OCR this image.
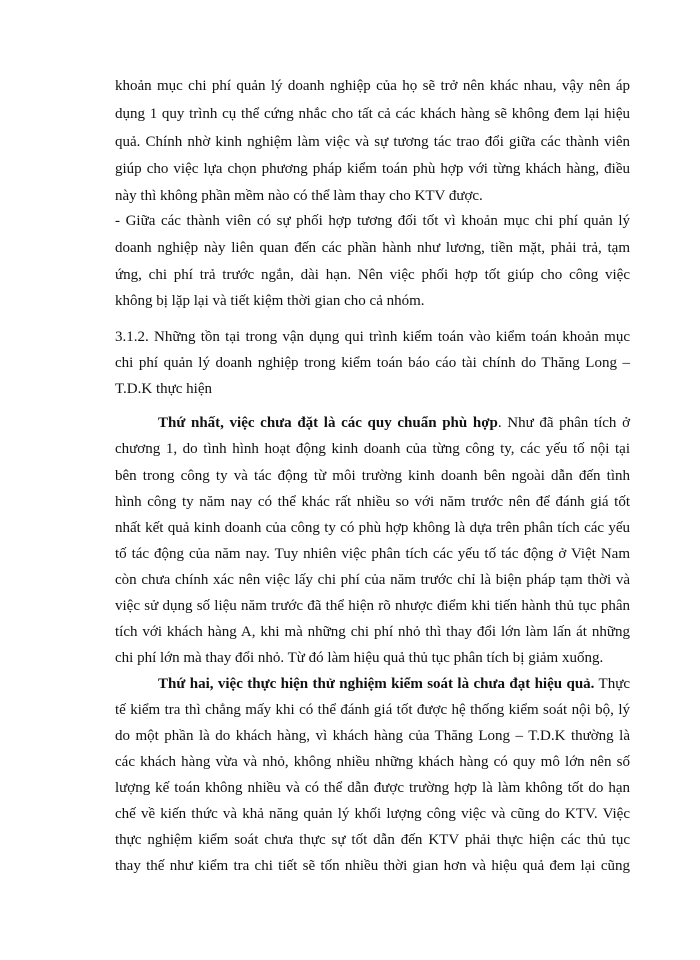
khoản mục chi phí quản lý doanh nghiệp của họ sẽ trở nên khác nhau, vậy nên áp
dụng 1 quy trình cụ thể cứng nhắc cho tất cả các khách hàng sẽ không đem lại hiệu
quả. Chính nhờ kinh nghiệm làm việc và sự tương tác trao đổi giữa các thành viên
giúp cho việc lựa chọn phương pháp kiểm toán phù hợp với từng khách hàng, điều
này thì không phần mềm nào có thể làm thay cho KTV được.
- Giữa các thành viên có sự phối hợp tương đối tốt vì khoản mục chi phí quản lý
doanh nghiệp này liên quan đến các phần hành như lương, tiền mặt, phải trả, tạm
ứng, chi phí trả trước ngắn, dài hạn. Nên việc phối hợp tốt giúp cho công việc
không bị lặp lại và tiết kiệm thời gian cho cả nhóm.
3.1.2. Những tồn tại trong vận dụng qui trình kiểm toán vào kiểm toán khoản mục
chi phí quản lý doanh nghiệp trong kiểm toán báo cáo tài chính do Thăng Long –
T.D.K thực hiện
Thứ nhất, việc chưa đặt là các quy chuẩn phù hợp. Như đã phân tích ở
chương 1, do tình hình hoạt động kinh doanh của từng công ty, các yếu tố nội tại
bên trong công ty và tác động từ môi trường kinh doanh bên ngoài dẫn đến tình
hình công ty năm nay có thể khác rất nhiều so với năm trước nên để đánh giá tốt
nhất kết quả kinh doanh của công ty có phù hợp không là dựa trên phân tích các yếu
tố tác động của năm nay. Tuy nhiên việc phân tích các yếu tố tác động ở Việt Nam
còn chưa chính xác nên việc lấy chi phí của năm trước chỉ là biện pháp tạm thời và
việc sử dụng số liệu năm trước đã thể hiện rõ nhược điểm khi tiến hành thủ tục phân
tích với khách hàng A, khi mà những chi phí nhỏ thì thay đổi lớn làm lấn át những
chi phí lớn mà thay đổi nhỏ. Từ đó làm hiệu quả thủ tục phân tích bị giảm xuống.
Thứ hai, việc thực hiện thử nghiệm kiểm soát là chưa đạt hiệu quả. Thực
tế kiểm tra thì chẳng mấy khi có thể đánh giá tốt được hệ thống kiểm soát nội bộ, lý
do một phần là do khách hàng, vì khách hàng của Thăng Long – T.D.K thường là
các khách hàng vừa và nhỏ, không nhiều những khách hàng có quy mô lớn nên số
lượng kế toán không nhiều và có thể dẫn được trường hợp là làm không tốt do hạn
chế về kiến thức và khả năng quản lý khối lượng công việc và cũng do KTV. Việc
thực nghiệm kiểm soát chưa thực sự tốt dẫn đến KTV phải thực hiện các thủ tục
thay thế như kiểm tra chi tiết sẽ tốn nhiều thời gian hơn và hiệu quả đem lại cũng
